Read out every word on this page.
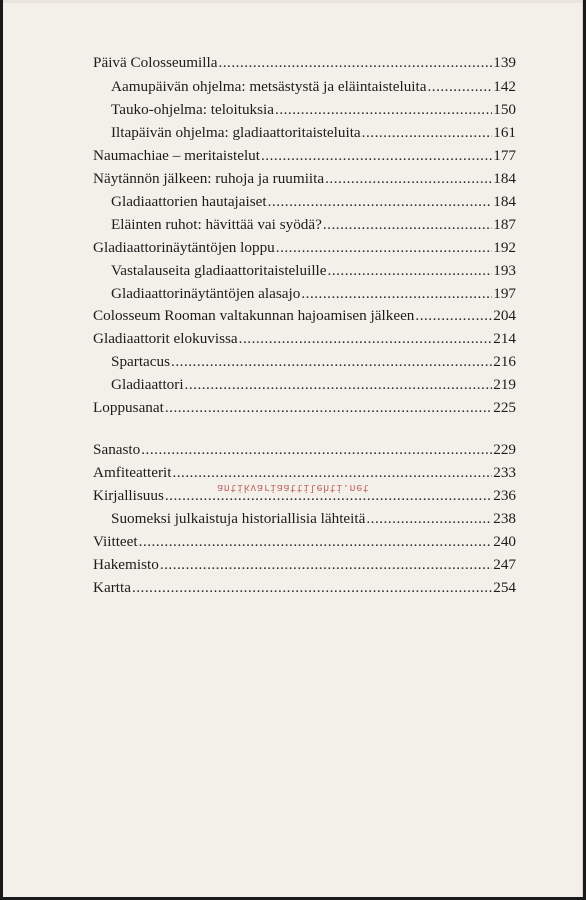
Päivä Colosseumilla .....	139
Aamupäivän ohjelma: metsästystä ja eläintaisteluita .....	142
Tauko-ohjelma: teloituksia .....	150
Iltapäivän ohjelma: gladiaattoritaisteluita .....	161
Naumachiae – meritaistelut .....	177
Näytännön jälkeen: ruhoja ja ruumiita .....	184
Gladiaattorien hautajaiset .....	184
Eläinten ruhot: hävittää vai syödä? .....	187
Gladiaattorinäytäntöjen loppu .....	192
Vastalauseita gladiaattoritaisteluille .....	193
Gladiaattorinäytäntöjen alasajo .....	197
Colosseum Rooman valtakunnan hajoamisen jälkeen .....	204
Gladiaattorit elokuvissa .....	214
Spartacus .....	216
Gladiaattori .....	219
Loppusanat .....	225
Sanasto .....	229
Amfiteatterit .....	233
Kirjallisuus .....	236
Suomeksi julkaistuja historiallisia lähteitä .....	238
Viitteet .....	240
Hakemisto .....	247
Kartta .....	254
antikvariaattilehti.net
